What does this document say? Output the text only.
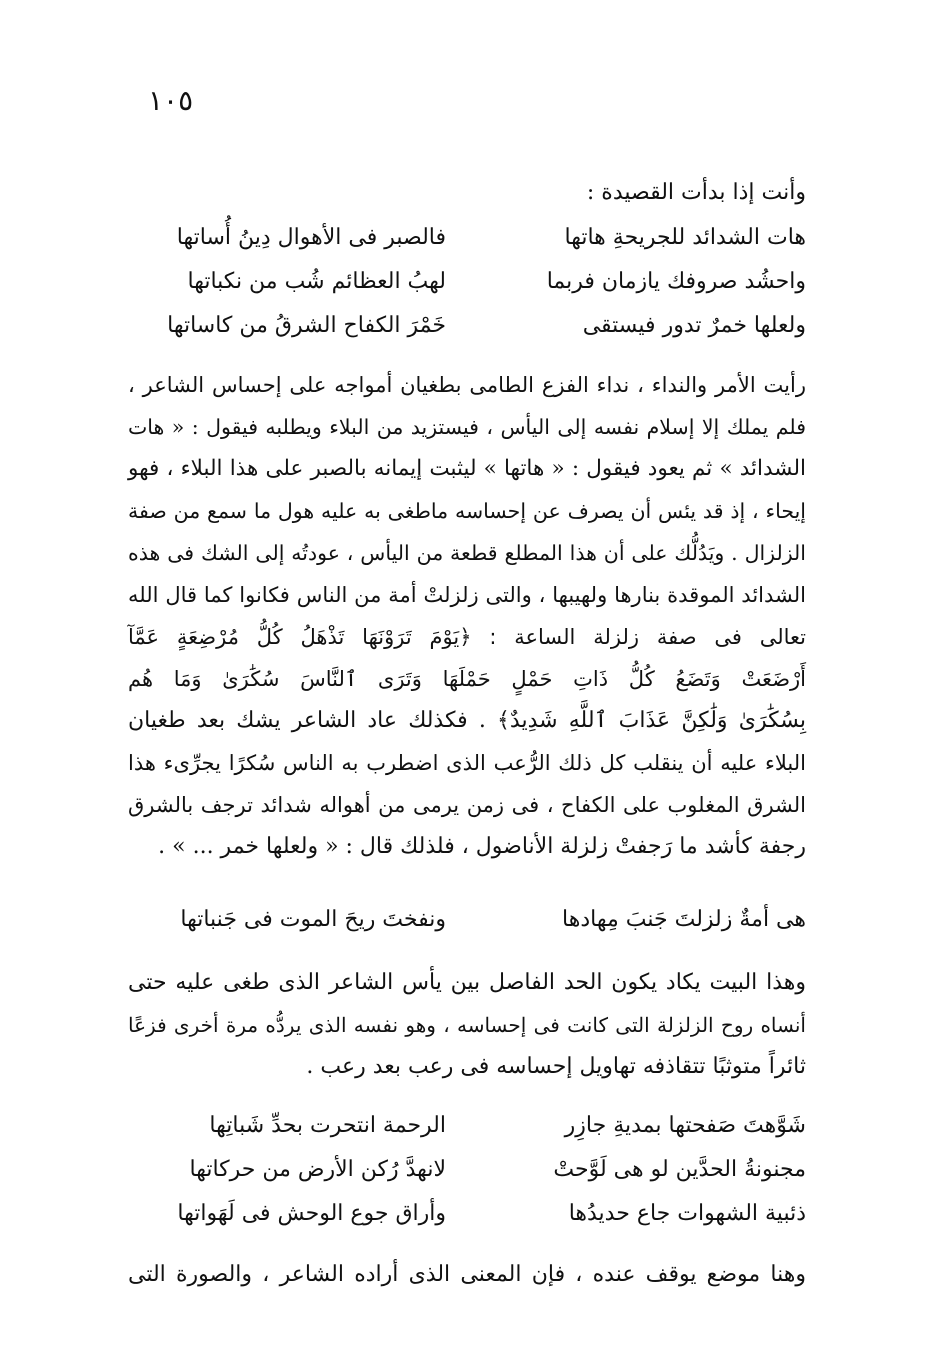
١٠٥
وأنت إذا بدأت القصيدة :
هات الشدائد للجريحةِ هاتها
فالصبر فى الأهوال دِينُ أُساتها
واحشُد صروفك يازمان فربما
لهبُ العظائم شُب من نكباتها
ولعلها خمرٌ تدور فيستقى
خَمْرَ الكفاح الشرقُ من كاساتها
رأيت الأمر والنداء ، نداء الفزع الطامى بطغيان أمواجه على إحساس الشاعر ،
فلم يملك إلا إسلام نفسه إلى اليأس ، فيستزيد من البلاء ويطلبه فيقول : « هات
الشدائد » ثم يعود فيقول : « هاتها » ليثبت إيمانه بالصبر على هذا البلاء ، فهو
إيحاء ، إذ قد يئس أن يصرف عن إحساسه ماطغى به عليه هول ما سمع من صفة
الزلزال . ويَدُلُّك على أن هذا المطلع قطعة من اليأس ، عودتُه إلى الشك فى هذه
الشدائد الموقدة بنارها ولهيبها ، والتى زلزلتْ أمة من الناس فكانوا كما قال الله
تعالى فى صفة زلزلة الساعة : ﴿يَوْمَ تَرَوْنَهَا تَذْهَلُ كُلُّ مُرْضِعَةٍ عَمَّآ
أَرْضَعَتْ وَتَضَعُ كُلُّ ذَاتِ حَمْلٍ حَمْلَهَا وَتَرَى ٱلنَّاسَ سُكَٰرَىٰ وَمَا هُم
بِسُكَٰرَىٰ وَلَٰكِنَّ عَذَابَ ٱللَّهِ شَدِيدٌ﴾ . فكذلك عاد الشاعر يشك بعد طغيان
البلاء عليه أن ينقلب كل ذلك الرُّعب الذى اضطرب به الناس سُكرًا يجرِّىء هذا
الشرق المغلوب على الكفاح ، فى زمن يرمى من أهواله شدائد ترجف بالشرق
رجفة كأشد ما رَجفتْ زلزلة الأناضول ، فلذلك قال : « ولعلها خمر ... » .
هى أمةٌ زلزلتَ جَنبَ مِهادها
ونفختَ ريحَ الموت فى جَنباتها
وهذا البيت يكاد يكون الحد الفاصل بين يأس الشاعر الذى طغى عليه حتى
أنساه روح الزلزلة التى كانت فى إحساسه ، وهو نفسه الذى يردُّه مرة أخرى فزعًا
ثائراً متوثبًا تتقاذفه تهاويل إحساسه فى رعب بعد رعب .
شَوَّهتَ صَفحتها بمديةِ جازِر
الرحمة انتحرت بحدِّ شَباتِها
مجنونةُ الحدَّين لو هى لَوَّحتْ
لانهدَّ رُكن الأرض من حركاتها
ذئبية الشهوات جاع حديدُها
وأراق جوع الوحش فى لَهَواتها
وهنا موضع يوقف عنده ، فإن المعنى الذى أراده الشاعر ، والصورة التى
